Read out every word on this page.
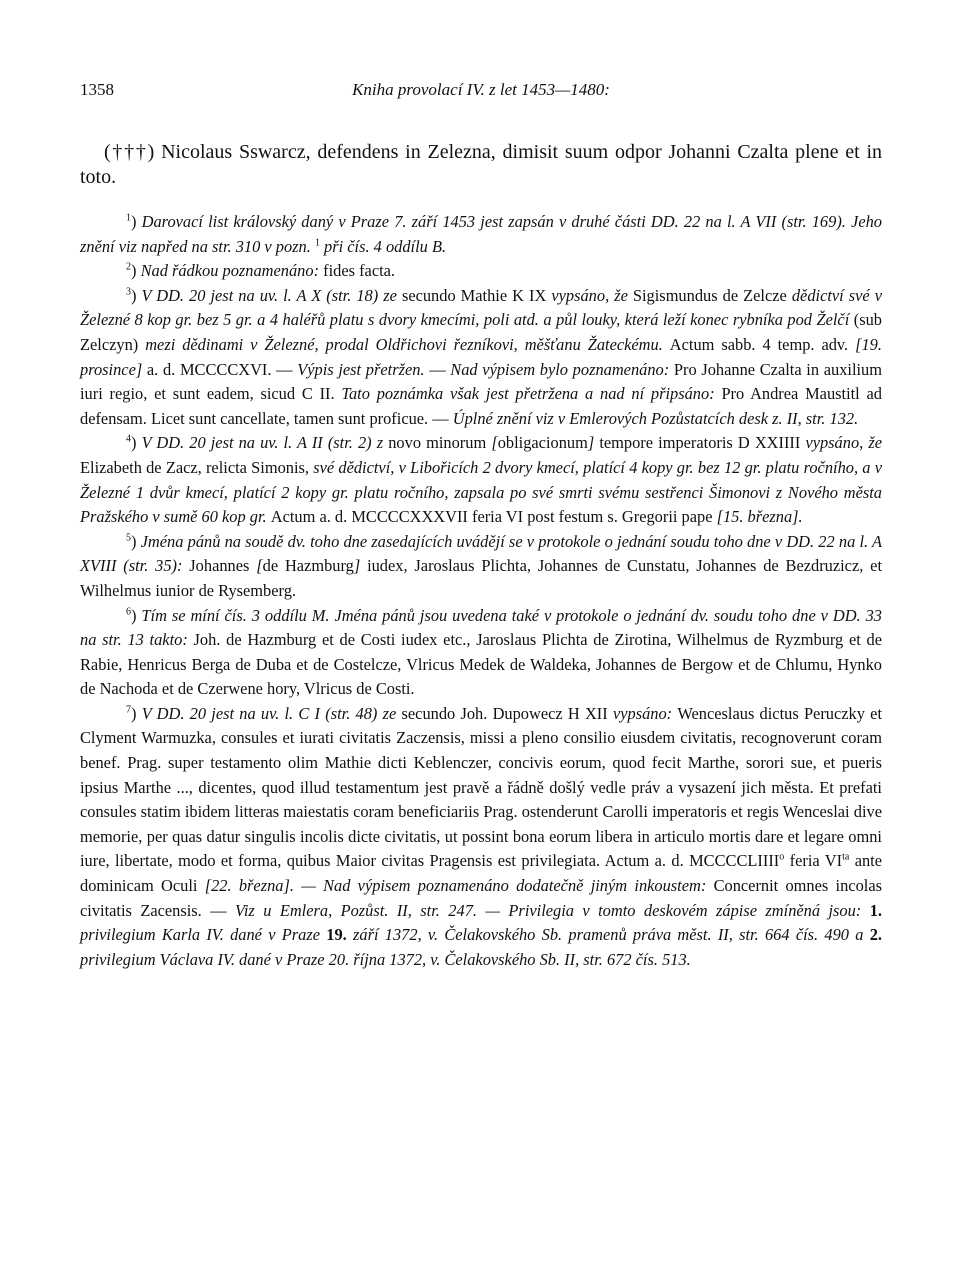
1358	Kniha provolací IV. z let 1453—1480:

(†††) Nicolaus Sswarcz, defendens in Zelezna, dimisit suum odpor Johanni Czalta plene et in toto.

$^1$) Darovací list královský daný v Praze 7. září 1453 jest zapsán v druhé části DD. 22 na l. A VII (str. 169). Jeho znění viz napřed na str. 310 v pozn. $^1$ při čís. 4 oddílu B.

$^2$) Nad řádkou poznamenáno: fides facta.

$^3$) V DD. 20 jest na uv. l. A X (str. 18) ze secundo Mathie K IX vypsáno, že Sigismundus de Zelcze dědictví své v Železné 8 kop gr. bez 5 gr. a 4 haléřů platu s dvory kmecími, poli atd. a půl louky, která leží konec rybníka pod Želčí (sub Zelczyn) mezi dědinami v Železné, prodal Oldřichovi řezníkovi, měšťanu Žateckému. Actum sabb. 4 temp. adv. [19. prosince] a. d. MCCCCXVI. — Výpis jest přetržen. — Nad výpisem bylo poznamenáno: Pro Johanne Czalta in auxilium iuri regio, et sunt eadem, sicud C II. Tato poznámka však jest přetržena a nad ní připsáno: Pro Andrea Maustitl ad defensam. Licet sunt cancellate, tamen sunt proficue. — Úplné znění viz v Emlerových Pozůstatcích desk z. II, str. 132.

$^4$) V DD. 20 jest na uv. l. A II (str. 2) z novo minorum [obligacionum] tempore imperatoris D XXIIII vypsáno, že Elizabeth de Zacz, relicta Simonis, své dědictví, v Libořicích 2 dvory kmecí, platící 4 kopy gr. bez 12 gr. platu ročního, a v Železné 1 dvůr kmecí, platící 2 kopy gr. platu ročního, zapsala po své smrti svému sestřenci Šimonovi z Nového města Pražského v sumě 60 kop gr. Actum a. d. MCCCCXXXVII feria VI post festum s. Gregorii pape [15. března].

$^5$) Jména pánů na soudě dv. toho dne zasedajících uvádějí se v protokole o jednání soudu toho dne v DD. 22 na l. A XVIII (str. 35): Johannes [de Hazmburg] iudex, Jaroslaus Plichta, Johannes de Cunstatu, Johannes de Bezdruzicz, et Wilhelmus iunior de Rysemberg.

$^6$) Tím se míní čís. 3 oddílu M. Jména pánů jsou uvedena také v protokole o jednání dv. soudu toho dne v DD. 33 na str. 13 takto: Joh. de Hazmburg et de Costi iudex etc., Jaroslaus Plichta de Zirotina, Wilhelmus de Ryzmburg et de Rabie, Henricus Berga de Duba et de Costelcze, Vlricus Medek de Waldeka, Johannes de Bergow et de Chlumu, Hynko de Nachoda et de Czerwene hory, Vlricus de Costi.

$^7$) V DD. 20 jest na uv. l. C I (str. 48) ze secundo Joh. Dupowecz H XII vypsáno: Wenceslaus dictus Peruczky et Clyment Warmuzka, consules et iurati civitatis Zaczensis, missi a pleno consilio eiusdem civitatis, recognoverunt coram benef. Prag. super testamento olim Mathie dicti Keblenczer, concivis eorum, quod fecit Marthe, sorori sue, et pueris ipsius Marthe ..., dicentes, quod illud testamentum jest pravě a řádně došlý vedle práv a vysazení jich města. Et prefati consules statim ibidem litteras maiestatis coram beneficiariis Prag. ostenderunt Carolli imperatoris et regis Wenceslai dive memorie, per quas datur singulis incolis dicte civitatis, ut possint bona eorum libera in articulo mortis dare et legare omni iure, libertate, modo et forma, quibus Maior civitas Pragensis est privilegiata. Actum a. d. MCCCCLIIII$^o$ feria $VI^{ta}$ ante dominicam Oculi [22. března]. — Nad výpisem poznamenáno dodatečně jiným inkoustem: Concernit omnes incolas civitatis Zacensis. — Viz u Emlera, Pozůst. II, str. 247. — Privilegia v tomto deskovém zápise zmíněná jsou: 1. privilegium Karla IV. dané v Praze 19. září 1372, v. Čelakovského Sb. pramenů práva měst. II, str. 664 čís. 490 a 2. privilegium Václava IV. dané v Praze 20. října 1372, v. Čelakovského Sb. II, str. 672 čís. 513.
